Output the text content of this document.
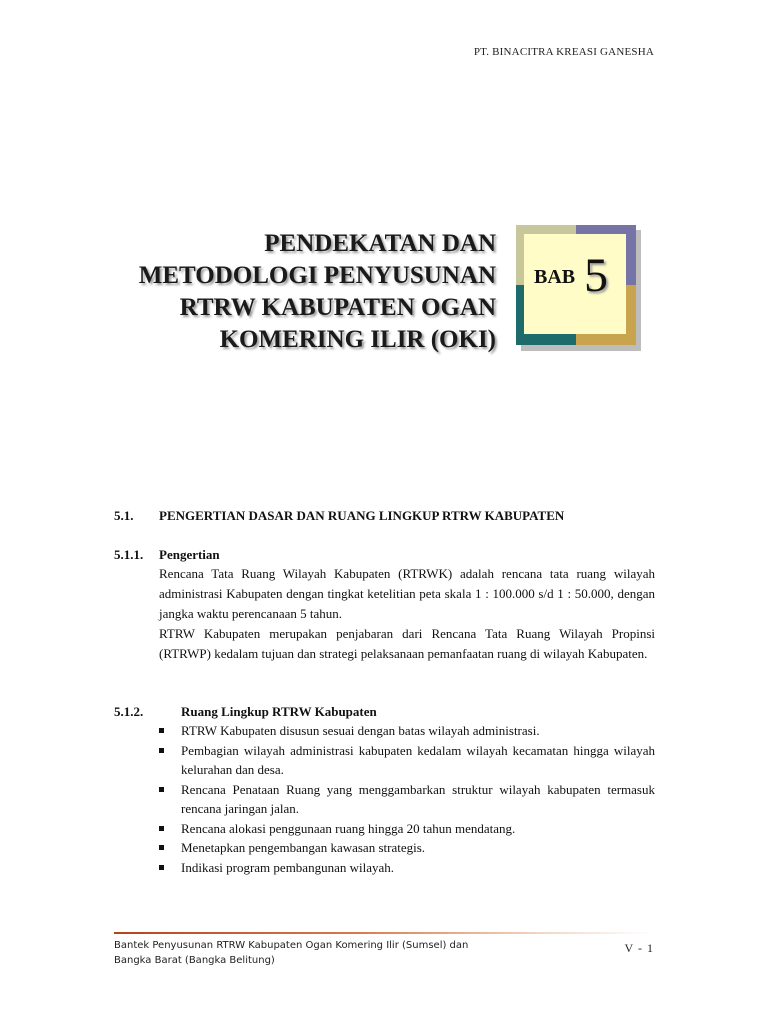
PT. BINACITRA KREASI GANESHA
PENDEKATAN DAN
METODOLOGI PENYUSUNAN
RTRW KABUPATEN OGAN
KOMERING ILIR (OKI)
BAB 5
5.1. PENGERTIAN DASAR DAN RUANG LINGKUP RTRW KABUPATEN
5.1.1. Pengertian
Rencana Tata Ruang Wilayah Kabupaten (RTRWK) adalah rencana tata ruang wilayah administrasi Kabupaten dengan tingkat ketelitian peta skala 1 : 100.000 s/d 1 : 50.000, dengan jangka waktu perencanaan 5 tahun.
RTRW Kabupaten merupakan penjabaran dari Rencana Tata Ruang Wilayah Propinsi (RTRWP) kedalam tujuan dan strategi pelaksanaan pemanfaatan ruang di wilayah Kabupaten.
5.1.2.	Ruang Lingkup RTRW Kabupaten
RTRW Kabupaten disusun sesuai dengan batas wilayah administrasi.
Pembagian wilayah administrasi kabupaten kedalam wilayah kecamatan hingga wilayah kelurahan dan desa.
Rencana Penataan Ruang yang menggambarkan struktur wilayah kabupaten termasuk rencana jaringan jalan.
Rencana alokasi penggunaan ruang hingga 20 tahun mendatang.
Menetapkan pengembangan kawasan strategis.
Indikasi program pembangunan wilayah.
Bantek Penyusunan RTRW Kabupaten Ogan Komering Ilir (Sumsel) dan
Bangka Barat (Bangka Belitung)
V - 1
